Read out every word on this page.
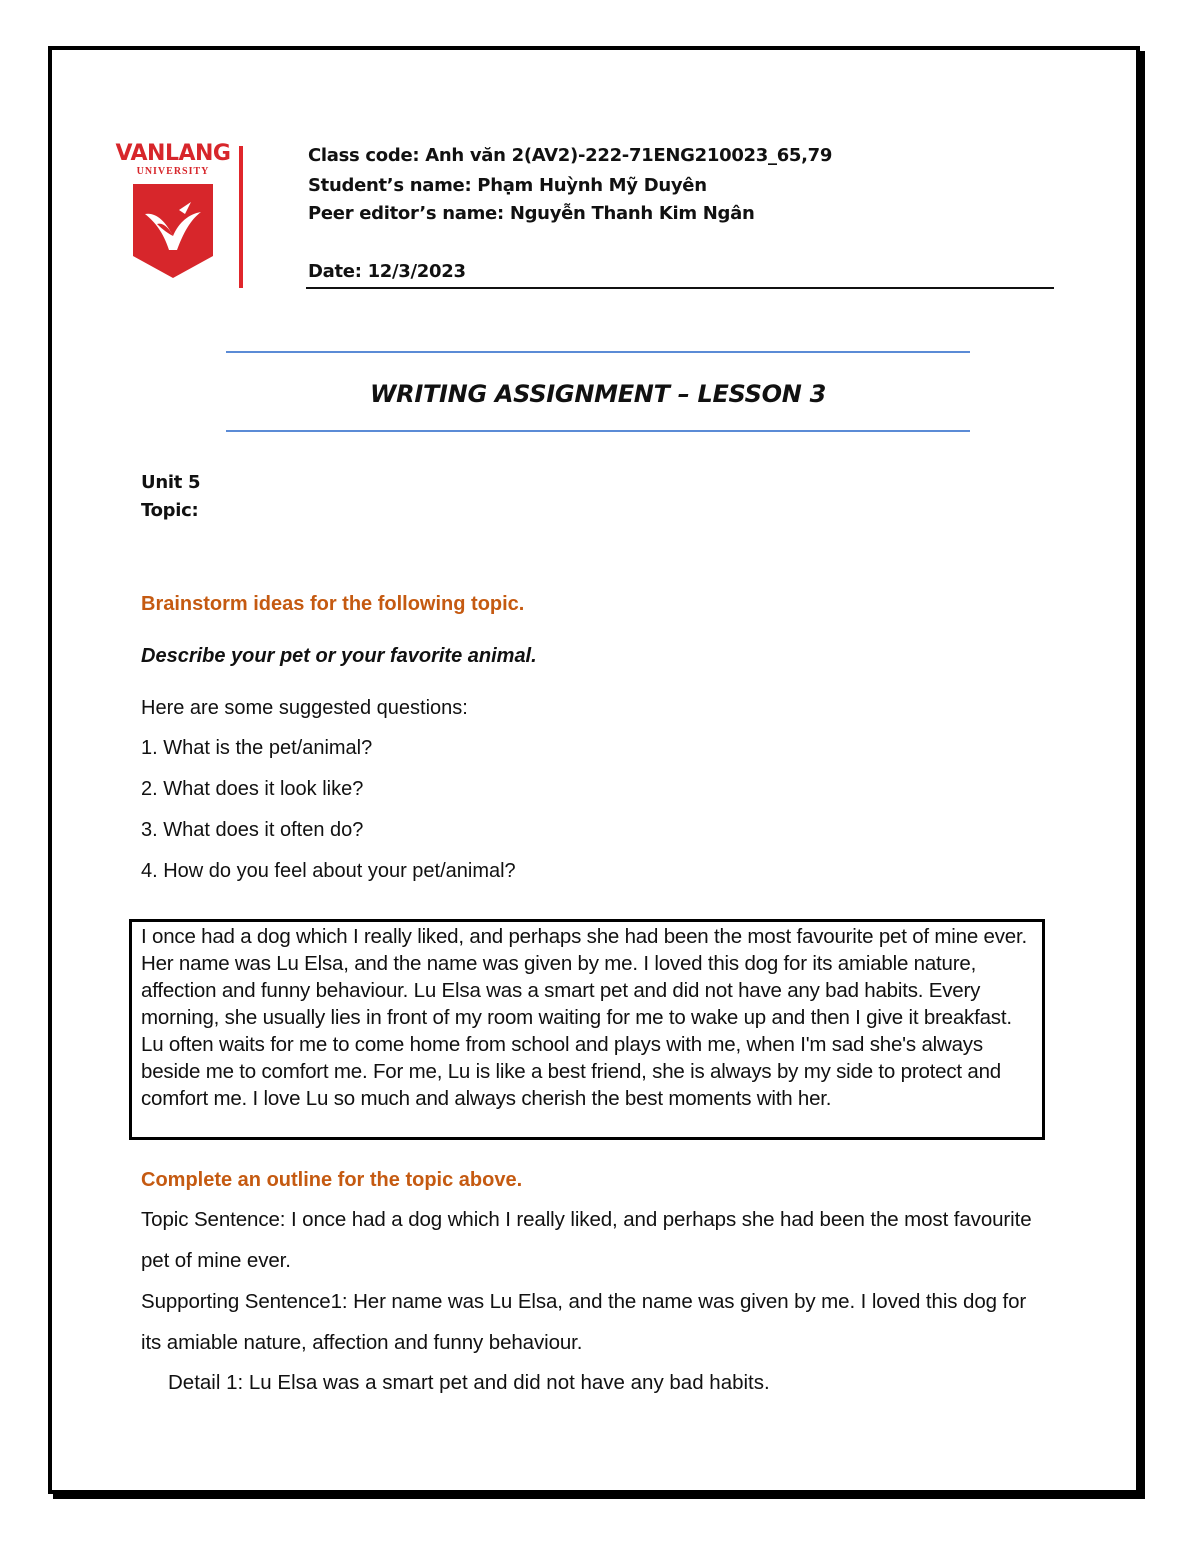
VANLANG
UNIVERSITY

Class code: Anh văn 2(AV2)-222-71ENG210023_65,79

Student’s name: Phạm Huỳnh Mỹ Duyên

Peer editor’s name: Nguyễn Thanh Kim Ngân

Date: 12/3/2023

WRITING ASSIGNMENT – LESSON 3

Unit 5

Topic:

Brainstorm ideas for the following topic.

Describe your pet or your favorite animal.

Here are some suggested questions:

1. What is the pet/animal?

2. What does it look like?

3. What does it often do?

4. How do you feel about your pet/animal?

I once had a dog which I really liked, and perhaps she had been the most favourite pet of mine ever. Her name was Lu Elsa, and the name was given by me. I loved this dog for its amiable nature, affection and funny behaviour. Lu Elsa was a smart pet and did not have any bad habits. Every morning, she usually lies in front of my room waiting for me to wake up and then I give it breakfast. Lu often waits for me to come home from school and plays with me, when I'm sad she's always beside me to comfort me. For me, Lu is like a best friend, she is always by my side to protect and comfort me. I love Lu so much and always cherish the best moments with her.

Complete an outline for the topic above.

Topic Sentence: I once had a dog which I really liked, and perhaps she had been the most favourite pet of mine ever.

Supporting Sentence1: Her name was Lu Elsa, and the name was given by me. I loved this dog for its amiable nature, affection and funny behaviour.

Detail 1: Lu Elsa was a smart pet and did not have any bad habits.
